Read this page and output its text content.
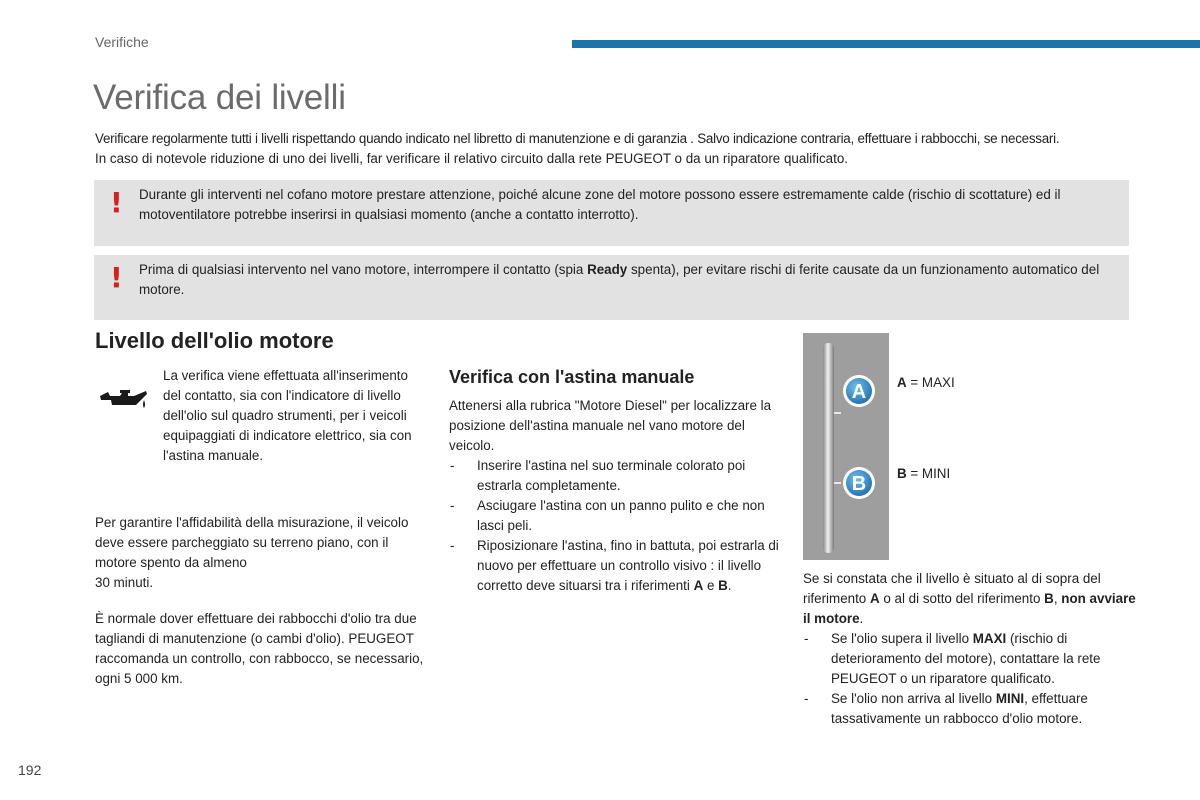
Verifiche
Verifica dei livelli

Verificare regolarmente tutti i livelli rispettando quando indicato nel libretto di manutenzione e di garanzia . Salvo indicazione contraria, effettuare i rabbocchi, se necessari.

In caso di notevole riduzione di uno dei livelli, far verificare il relativo circuito dalla rete PEUGEOT o da un riparatore qualificato.

! Durante gli interventi nel cofano motore prestare attenzione, poiché alcune zone del motore possono essere estremamente calde (rischio di scottature) ed il motoventilatore potrebbe inserirsi in qualsiasi momento (anche a contatto interrotto).
! Prima di qualsiasi intervento nel vano motore, interrompere il contatto (spia Ready spenta), per evitare rischi di ferite causate da un funzionamento automatico del motore.
Livello dell'olio motore
La verifica viene effettuata all'inserimento del contatto, sia con l'indicatore di livello dell'olio sul quadro strumenti, per i veicoli equipaggiati di indicatore elettrico, sia con l'astina manuale.

Per garantire l'affidabilità della misurazione, il veicolo deve essere parcheggiato su terreno piano, con il motore spento da almeno

30 minuti.

È normale dover effettuare dei rabbocchi d'olio tra due tagliandi di manutenzione (o cambi d'olio). PEUGEOT raccomanda un controllo, con rabbocco, se necessario, ogni 5 000 km.
Verifica con l'astina manuale

Attenersi alla rubrica "Motore Diesel" per localizzare la posizione dell'astina manuale nel vano motore del veicolo.

- Inserire l'astina nel suo terminale colorato poi estrarla completamente.
- Asciugare l'astina con un panno pulito e che non lasci peli.
- Riposizionare l'astina, fino in battuta, poi estrarla di nuovo per effettuare un controllo visivo : il livello corretto deve situarsi tra i riferimenti A e B.
A
B
A = MAXI
B = MINI

Se si constata che il livello è situato al di sopra del riferimento A o al di sotto del riferimento B, non avviare il motore.

- Se l'olio supera il livello MAXI (rischio di deterioramento del motore), contattare la rete PEUGEOT o un riparatore qualificato.
- Se l'olio non arriva al livello MINI, effettuare tassativamente un rabbocco d'olio motore.
192
